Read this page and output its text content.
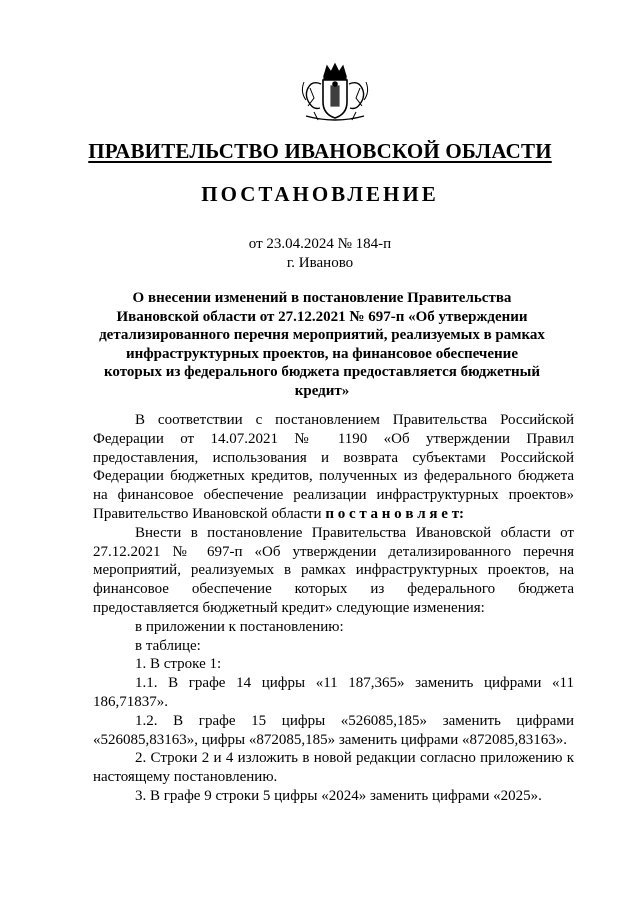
ПРАВИТЕЛЬСТВО ИВАНОВСКОЙ ОБЛАСТИ
ПОСТАНОВЛЕНИЕ
от 23.04.2024 № 184-п
г. Иваново
О внесении изменений в постановление Правительства Ивановской области от 27.12.2021 № 697-п «Об утверждении детализированного перечня мероприятий, реализуемых в рамках инфраструктурных проектов, на финансовое обеспечение которых из федерального бюджета предоставляется бюджетный кредит»

В соответствии с постановлением Правительства Российской Федерации от 14.07.2021 № 1190 «Об утверждении Правил предоставления, использования и возврата субъектами Российской Федерации бюджетных кредитов, полученных из федерального бюджета на финансовое обеспечение реализации инфраструктурных проектов» Правительство Ивановской области п о с т а н о в л я е т:

Внести в постановление Правительства Ивановской области от 27.12.2021 № 697-п «Об утверждении детализированного перечня мероприятий, реализуемых в рамках инфраструктурных проектов, на финансовое обеспечение которых из федерального бюджета предоставляется бюджетный кредит» следующие изменения:

в приложении к постановлению:

в таблице:

1. В строке 1:

1.1. В графе 14 цифры «11 187,365» заменить цифрами «11 186,71837».

1.2. В графе 15 цифры «526085,185» заменить цифрами «526085,83163», цифры «872085,185» заменить цифрами «872085,83163».

2. Строки 2 и 4 изложить в новой редакции согласно приложению к настоящему постановлению.

3. В графе 9 строки 5 цифры «2024» заменить цифрами «2025».
